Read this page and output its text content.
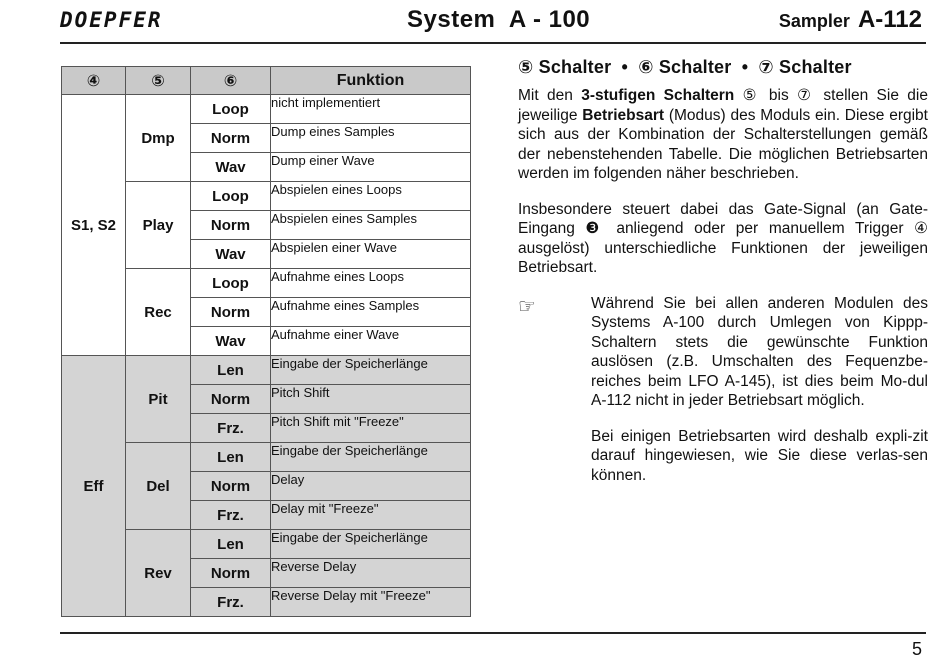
DOEPFER	System  A - 100	Sampler A-112
④	⑤	⑥	Funktion
S1, S2	Dmp	Loop	nicht implementiert
		Norm	Dump eines Samples
		Wav	Dump einer Wave
	Play	Loop	Abspielen eines Loops
		Norm	Abspielen eines Samples
		Wav	Abspielen einer Wave
	Rec	Loop	Aufnahme eines Loops
		Norm	Aufnahme eines Samples
		Wav	Aufnahme einer Wave
Eff	Pit	Len	Eingabe der Speicherlänge
		Norm	Pitch Shift
		Frz.	Pitch Shift mit "Freeze"
	Del	Len	Eingabe der Speicherlänge
		Norm	Delay
		Frz.	Delay mit "Freeze"
	Rev	Len	Eingabe der Speicherlänge
		Norm	Reverse Delay
		Frz.	Reverse Delay mit "Freeze"
⑤ Schalter • ⑥ Schalter • ⑦ Schalter

Mit den 3-stufigen Schaltern ⑤ bis ⑦ stellen Sie die jeweilige Betriebsart (Modus) des Moduls ein. Diese ergibt sich aus der Kombination der Schalterstellungen gemäß der nebenstehenden Tabelle. Die möglichen Betriebsarten werden im folgenden näher beschrieben.

Insbesondere steuert dabei das Gate-Signal (an Gate-Eingang ❸ anliegend oder per manuellem Trigger ④ ausgelöst) unterschiedliche Funktionen der jeweiligen Betriebsart.

☞	Während Sie bei allen anderen Modulen des Systems A-100 durch Umlegen von Kippp-Schaltern stets die gewünschte Funktion auslösen (z.B. Umschalten des Fequenzbe-reiches beim LFO A-145), ist dies beim Mo-dul A-112 nicht in jeder Betriebsart möglich.

Bei einigen Betriebsarten wird deshalb expli-zit darauf hingewiesen, wie Sie diese verlas-sen können.

5
